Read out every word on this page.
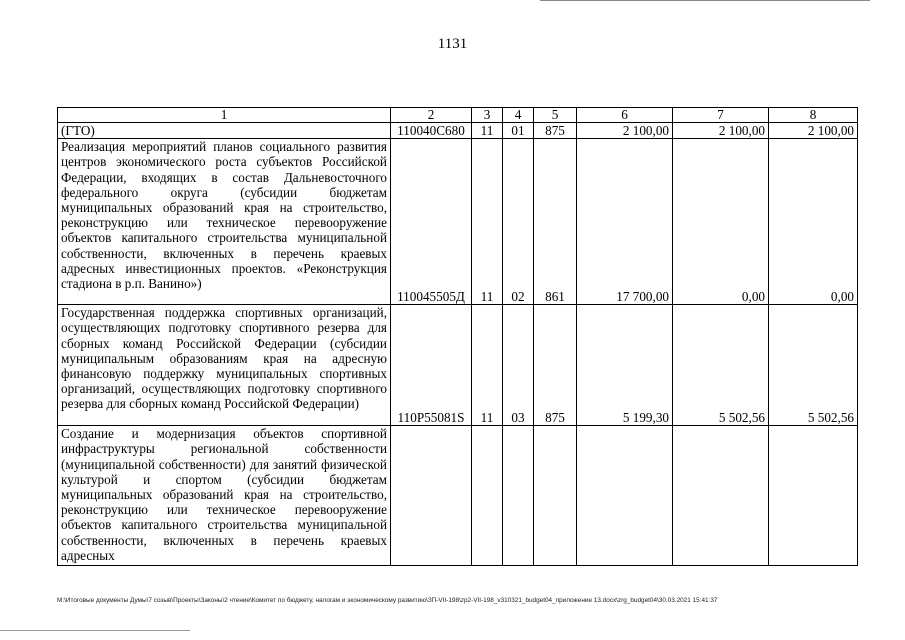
1131
1	2	3	4	5	6	7	8
(ГТО)	110040С680	11	01	875	2 100,00	2 100,00	2 100,00
Реализация мероприятий планов социального развития центров экономического роста субъектов Российской Федерации, входящих в состав Дальневосточного федерального округа (субсидии бюджетам муниципальных образований края на строительство, реконструкцию или техническое перевооружение объектов капитального строительства муниципальной собственности, включенных в перечень краевых адресных инвестиционных проектов. «Реконструкция стадиона в р.п. Ванино»)	110045505Д	11	02	861	17 700,00	0,00	0,00
Государственная поддержка спортивных организаций, осуществляющих подготовку спортивного резерва для сборных команд Российской Федерации (субсидии муниципальным образованиям края на адресную финансовую поддержку муниципальных спортивных организаций, осуществляющих подготовку спортивного резерва для сборных команд Российской Федерации)	110Р55081S	11	03	875	5 199,30	5 502,56	5 502,56
Создание и модернизация объектов спортивной инфраструктуры региональной собственности (муниципальной собственности) для занятий физической культурой и спортом (субсидии бюджетам муниципальных образований края на строительство, реконструкцию или техническое перевооружение объектов капитального строительства муниципальной собственности, включенных в перечень краевых адресных							
M:\Итоговые документы Думы\7 созыв\Проекты\Законы\2 чтение\Комитет по бюджету, налогам и экономическому развитию\ЗП-VII-198\zp2-VII-198_v310321_budget04_приложение 13.docx\zrg_budget04\30.03.2021 15:41:37
